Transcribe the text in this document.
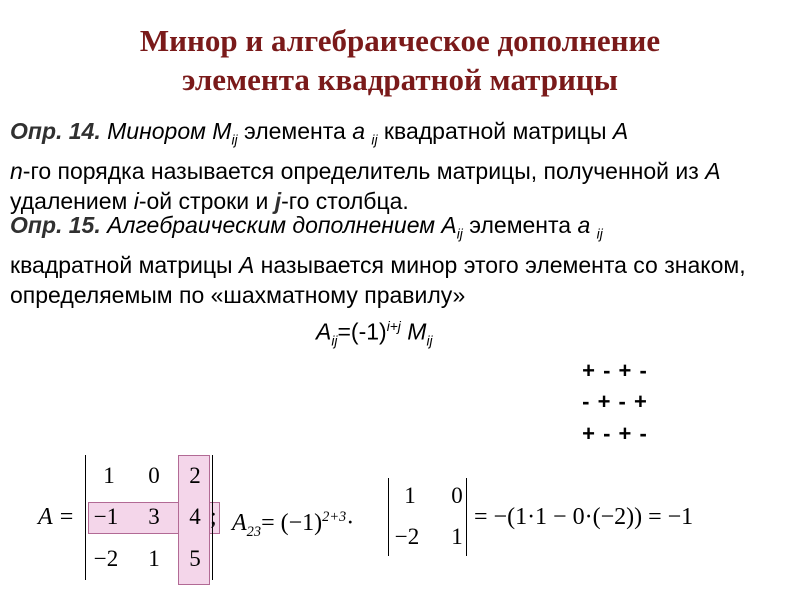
Минор и алгебраическое дополнение
элемента квадратной матрицы

Опр. 14. Минором $M_{ij}$ элемента a $_{ij}$ квадратной матрицы A
n-го порядка называется определитель матрицы, полученной из A удалением i-ой строки и j-го столбца.

Опр. 15. Алгебраическим дополнением $A_{ij}$ элемента a $_{ij}$
квадратной матрицы A называется минор этого элемента со знаком, определяемым по «шахматному правилу»

$A_{ij}=(-1)^{i+j}$ $M_{ij}$
+ - + -
- + - +
+ - + -
A =
1	0	2
−1	3	4
−2	1	5
; $A_{23}= (-1)^{2+3}\cdot$
1	0
−2	1
= −(1·1 − 0·(−2)) = −1
